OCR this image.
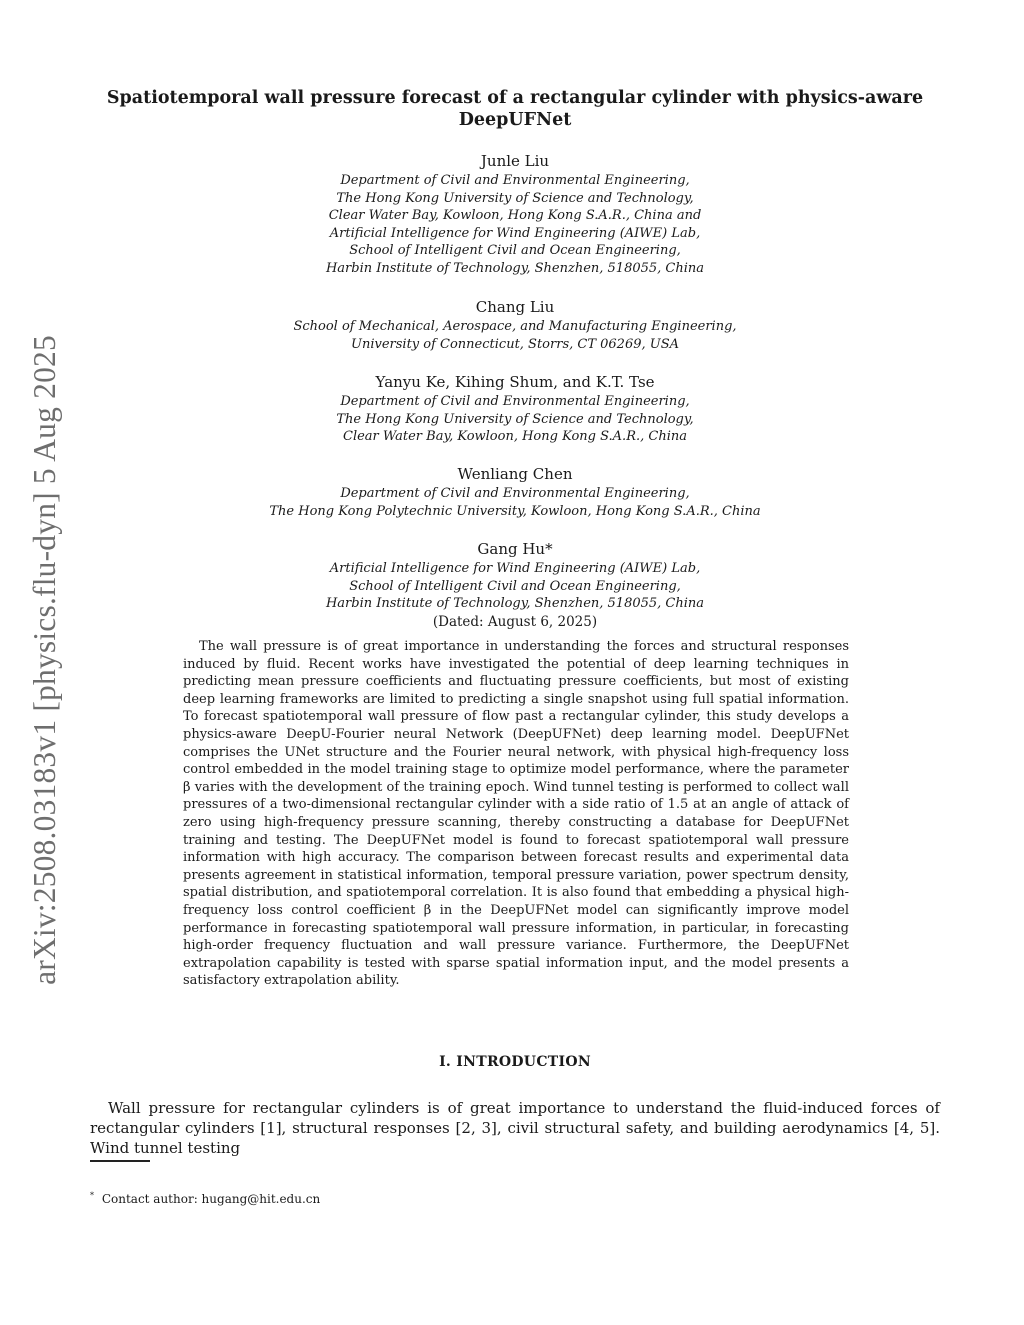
arXiv:2508.03183v1 [physics.flu-dyn] 5 Aug 2025
Spatiotemporal wall pressure forecast of a rectangular cylinder with physics-aware DeepUFNet
Junle Liu
Department of Civil and Environmental Engineering,
The Hong Kong University of Science and Technology,
Clear Water Bay, Kowloon, Hong Kong S.A.R., China and
Artificial Intelligence for Wind Engineering (AIWE) Lab,
School of Intelligent Civil and Ocean Engineering,
Harbin Institute of Technology, Shenzhen, 518055, China
Chang Liu
School of Mechanical, Aerospace, and Manufacturing Engineering,
University of Connecticut, Storrs, CT 06269, USA
Yanyu Ke, Kihing Shum, and K.T. Tse
Department of Civil and Environmental Engineering,
The Hong Kong University of Science and Technology,
Clear Water Bay, Kowloon, Hong Kong S.A.R., China
Wenliang Chen
Department of Civil and Environmental Engineering,
The Hong Kong Polytechnic University, Kowloon, Hong Kong S.A.R., China
Gang Hu*
Artificial Intelligence for Wind Engineering (AIWE) Lab,
School of Intelligent Civil and Ocean Engineering,
Harbin Institute of Technology, Shenzhen, 518055, China
(Dated: August 6, 2025)

The wall pressure is of great importance in understanding the forces and structural responses induced by fluid. Recent works have investigated the potential of deep learning techniques in predicting mean pressure coefficients and fluctuating pressure coefficients, but most of existing deep learning frameworks are limited to predicting a single snapshot using full spatial information. To forecast spatiotemporal wall pressure of flow past a rectangular cylinder, this study develops a physics-aware DeepU-Fourier neural Network (DeepUFNet) deep learning model. DeepUFNet comprises the UNet structure and the Fourier neural network, with physical high-frequency loss control embedded in the model training stage to optimize model performance, where the parameter β varies with the development of the training epoch. Wind tunnel testing is performed to collect wall pressures of a two-dimensional rectangular cylinder with a side ratio of 1.5 at an angle of attack of zero using high-frequency pressure scanning, thereby constructing a database for DeepUFNet training and testing. The DeepUFNet model is found to forecast spatiotemporal wall pressure information with high accuracy. The comparison between forecast results and experimental data presents agreement in statistical information, temporal pressure variation, power spectrum density, spatial distribution, and spatiotemporal correlation. It is also found that embedding a physical high-frequency loss control coefficient β in the DeepUFNet model can significantly improve model performance in forecasting spatiotemporal wall pressure information, in particular, in forecasting high-order frequency fluctuation and wall pressure variance. Furthermore, the DeepUFNet extrapolation capability is tested with sparse spatial information input, and the model presents a satisfactory extrapolation ability.

I. INTRODUCTION

Wall pressure for rectangular cylinders is of great importance to understand the fluid-induced forces of rectangular cylinders [1], structural responses [2, 3], civil structural safety, and building aerodynamics [4, 5]. Wind tunnel testing

* Contact author: hugang@hit.edu.cn
